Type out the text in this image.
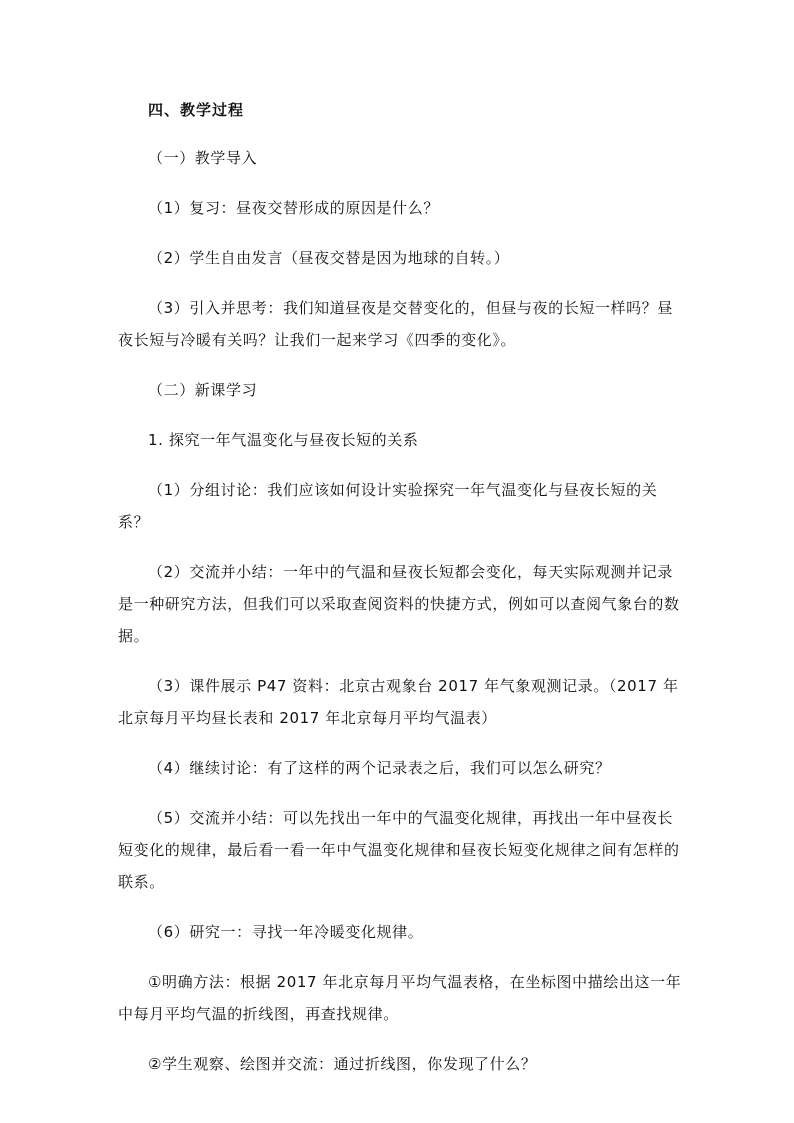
四、教学过程

（一）教学导入

（1）复习：昼夜交替形成的原因是什么？

（2）学生自由发言（昼夜交替是因为地球的自转。）

（3）引入并思考：我们知道昼夜是交替变化的，但昼与夜的长短一样吗？昼夜长短与冷暖有关吗？让我们一起来学习《四季的变化》。

（二）新课学习

1. 探究一年气温变化与昼夜长短的关系

（1）分组讨论：我们应该如何设计实验探究一年气温变化与昼夜长短的关系？

（2）交流并小结：一年中的气温和昼夜长短都会变化，每天实际观测并记录是一种研究方法，但我们可以采取查阅资料的快捷方式，例如可以查阅气象台的数据。

（3）课件展示 P47 资料：北京古观象台 2017 年气象观测记录。（2017 年北京每月平均昼长表和 2017 年北京每月平均气温表）

（4）继续讨论：有了这样的两个记录表之后，我们可以怎么研究？

（5）交流并小结：可以先找出一年中的气温变化规律，再找出一年中昼夜长短变化的规律，最后看一看一年中气温变化规律和昼夜长短变化规律之间有怎样的联系。

（6）研究一：寻找一年冷暖变化规律。

①明确方法：根据 2017 年北京每月平均气温表格，在坐标图中描绘出这一年中每月平均气温的折线图，再查找规律。

②学生观察、绘图并交流：通过折线图，你发现了什么？
